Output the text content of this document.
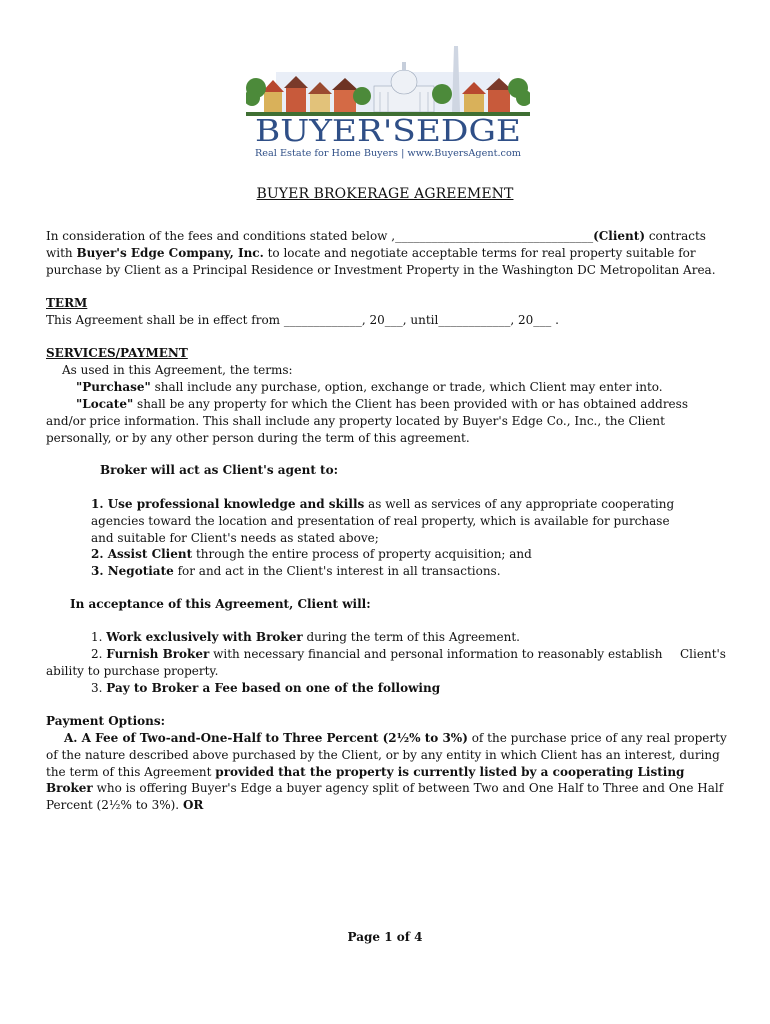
BUYER'SEDGE
Real Estate for Home Buyers | www.BuyersAgent.com
BUYER BROKERAGE AGREEMENT

In consideration of the fees and conditions stated below ,_________________________________(Client) contracts with Buyer's Edge Company, Inc. to locate and negotiate acceptable terms for real property suitable for purchase by Client as a Principal Residence or Investment Property in the Washington DC Metropolitan Area.

TERM
This Agreement shall be in effect from _____________, 20___, until____________, 20___ .
SERVICES/PAYMENT
As used in this Agreement, the terms:
"Purchase" shall include any purchase, option, exchange or trade, which Client may enter into.

"Locate" shall be any property for which the Client has been provided with or has obtained address and/or price information. This shall include any property located by Buyer's Edge Co., Inc., the Client personally, or by any other person during the term of this agreement.

Broker will act as Client's agent to:

1. Use professional knowledge and skills as well as services of any appropriate cooperating agencies toward the location and presentation of real property, which is available for purchase and suitable for Client's needs as stated above;

2. Assist Client through the entire process of property acquisition; and
3. Negotiate for and act in the Client's interest in all transactions.
In acceptance of this Agreement, Client will:
1. Work exclusively with Broker during the term of this Agreement.
2. Furnish Broker with necessary financial and personal information to reasonably establish Client's
ability to purchase property.
3. Pay to Broker a Fee based on one of the following
Payment Options:

A. A Fee of Two-and-One-Half to Three Percent (2½% to 3%) of the purchase price of any real property of the nature described above purchased by the Client, or by any entity in which Client has an interest, during the term of this Agreement provided that the property is currently listed by a cooperating Listing Broker who is offering Buyer's Edge a buyer agency split of between Two and One Half to Three and One Half Percent (2½% to 3%). OR

Page 1 of 4
